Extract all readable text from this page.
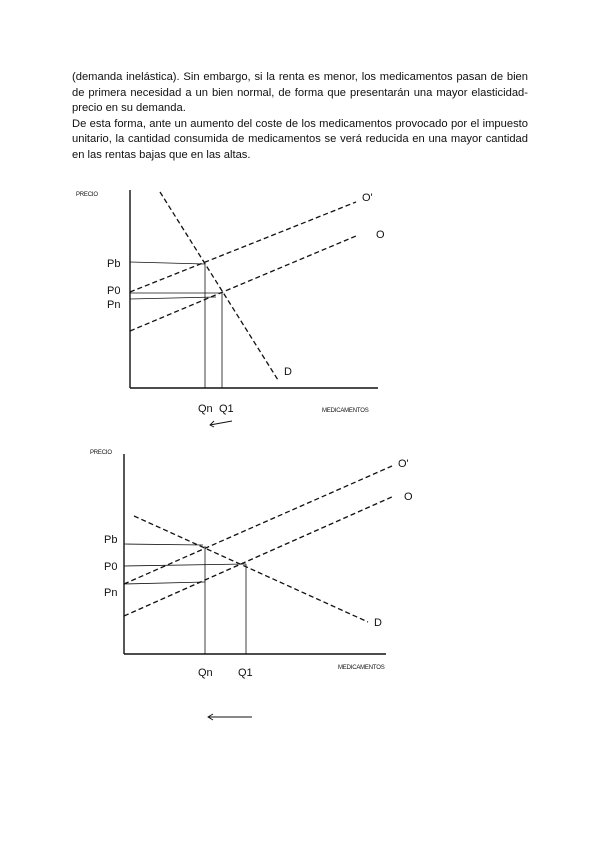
(demanda inelástica). Sin embargo, si la renta es menor, los medicamentos pasan de bien de primera necesidad a un bien normal, de forma que presentarán una mayor elasticidad-precio en su demanda.

De esta forma, ante un aumento del coste de los medicamentos provocado por el impuesto unitario, la cantidad consumida de medicamentos se verá reducida en una mayor cantidad en las rentas bajas que en las altas.

PRECIO
MEDICAMENTOS
O'
O
D
Pb
P0
Pn
Qn Q1
PRECIO
MEDICAMENTOS
O'
O
D
Pb
P0
Pn
Qn Q1
